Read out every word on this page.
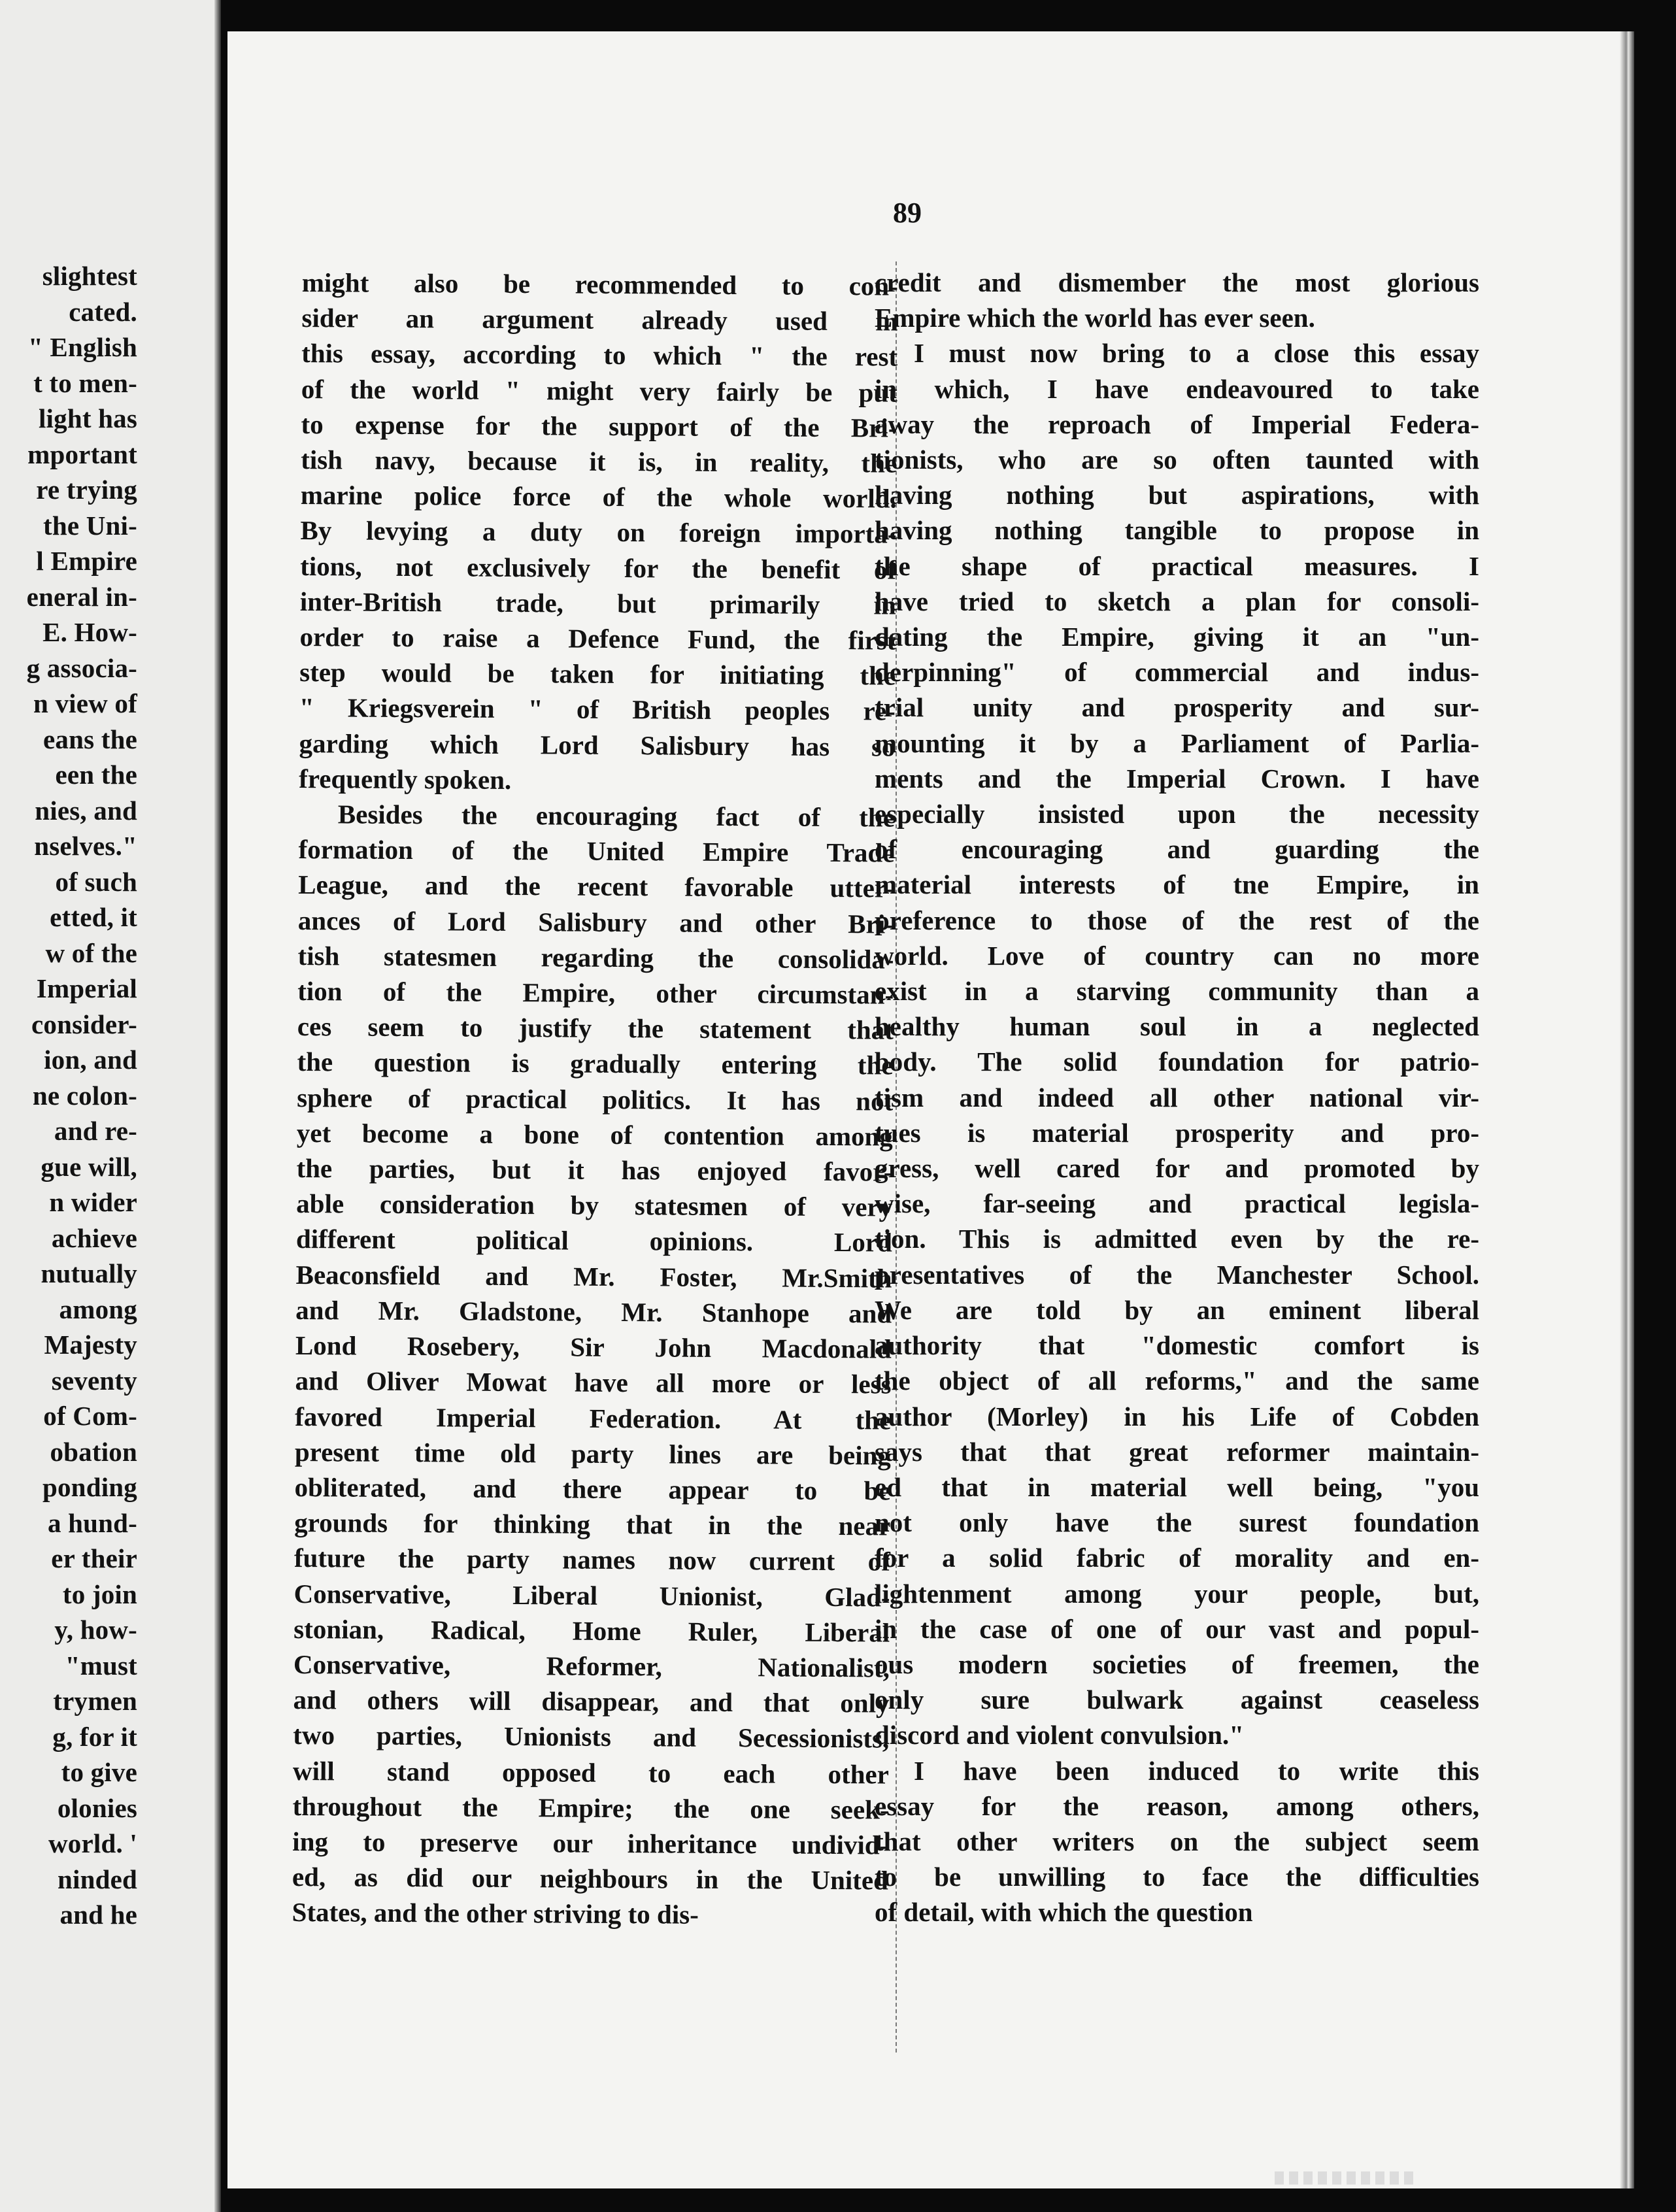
slightest
cated.
" English
t to men-
light has
mportant
re trying
the Uni-
l Empire
eneral in-
E. How-
g associa-
n view of
eans the
een the
nies, and
nselves."
of such
etted, it
w of the
Imperial
consider-
ion, and
ne colon-
and re-
gue will,
n wider
achieve
nutually
among
Majesty
seventy
of Com-
obation
ponding
a hund-
er their
to join
y, how-
"must
trymen
g, for it
to give
olonies
world. '
ninded
and he
89
might also be recommended to con-
sider an argument already used in
this essay, according to which " the rest
of the world " might very fairly be put
to expense for the support of the Bri-
tish navy, because it is, in reality, the
marine police force of the whole world.
By levying a duty on foreign importa-
tions, not exclusively for the benefit of
inter-British trade, but primarily in
order to raise a Defence Fund, the first
step would be taken for initiating the
" Kriegsverein " of British peoples re-
garding which Lord Salisbury has so
frequently spoken.
Besides the encouraging fact of the
formation of the United Empire Trade
League, and the recent favorable utter-
ances of Lord Salisbury and other Bri-
tish statesmen regarding the consolida-
tion of the Empire, other circumstan-
ces seem to justify the statement that
the question is gradually entering the
sphere of practical politics. It has not
yet become a bone of contention among
the parties, but it has enjoyed favor-
able consideration by statesmen of very
different political opinions. Lord
Beaconsfield and Mr. Foster, Mr.Smith
and Mr. Gladstone, Mr. Stanhope and
Lond Rosebery, Sir John Macdonald
and Oliver Mowat have all more or less
favored Imperial Federation. At the
present time old party lines are being
obliterated, and there appear to be
grounds for thinking that in the near
future the party names now current of
Conservative, Liberal Unionist, Glad-
stonian, Radical, Home Ruler, Liberal
Conservative, Reformer, Nationalist,
and others will disappear, and that only
two parties, Unionists and Secessionists,
will stand opposed to each other
throughout the Empire; the one seek-
ing to preserve our inheritance undivid-
ed, as did our neighbours in the United
States, and the other striving to dis-
credit and dismember the most glorious
Empire which the world has ever seen.
I must now bring to a close this essay
in which, I have endeavoured to take
away the reproach of Imperial Federa-
tionists, who are so often taunted with
having nothing but aspirations, with
having nothing tangible to propose in
the shape of practical measures. I
have tried to sketch a plan for consoli-
dating the Empire, giving it an "un-
derpinning" of commercial and indus-
trial unity and prosperity and sur-
mounting it by a Parliament of Parlia-
ments and the Imperial Crown. I have
especially insisted upon the necessity
of encouraging and guarding the
material interests of tne Empire, in
preference to those of the rest of the
world. Love of country can no more
exist in a starving community than a
healthy human soul in a neglected
body. The solid foundation for patrio-
tism and indeed all other national vir-
tues is material prosperity and pro-
gress, well cared for and promoted by
wise, far-seeing and practical legisla-
tion. This is admitted even by the re-
presentatives of the Manchester School.
We are told by an eminent liberal
authority that "domestic comfort is
the object of all reforms," and the same
author (Morley) in his Life of Cobden
says that that great reformer maintain-
ed that in material well being, "you
not only have the surest foundation
for a solid fabric of morality and en-
lightenment among your people, but,
in the case of one of our vast and popul-
ous modern societies of freemen, the
only sure bulwark against ceaseless
discord and violent convulsion."
I have been induced to write this
essay for the reason, among others,
that other writers on the subject seem
to be unwilling to face the difficulties
of detail, with which the question
